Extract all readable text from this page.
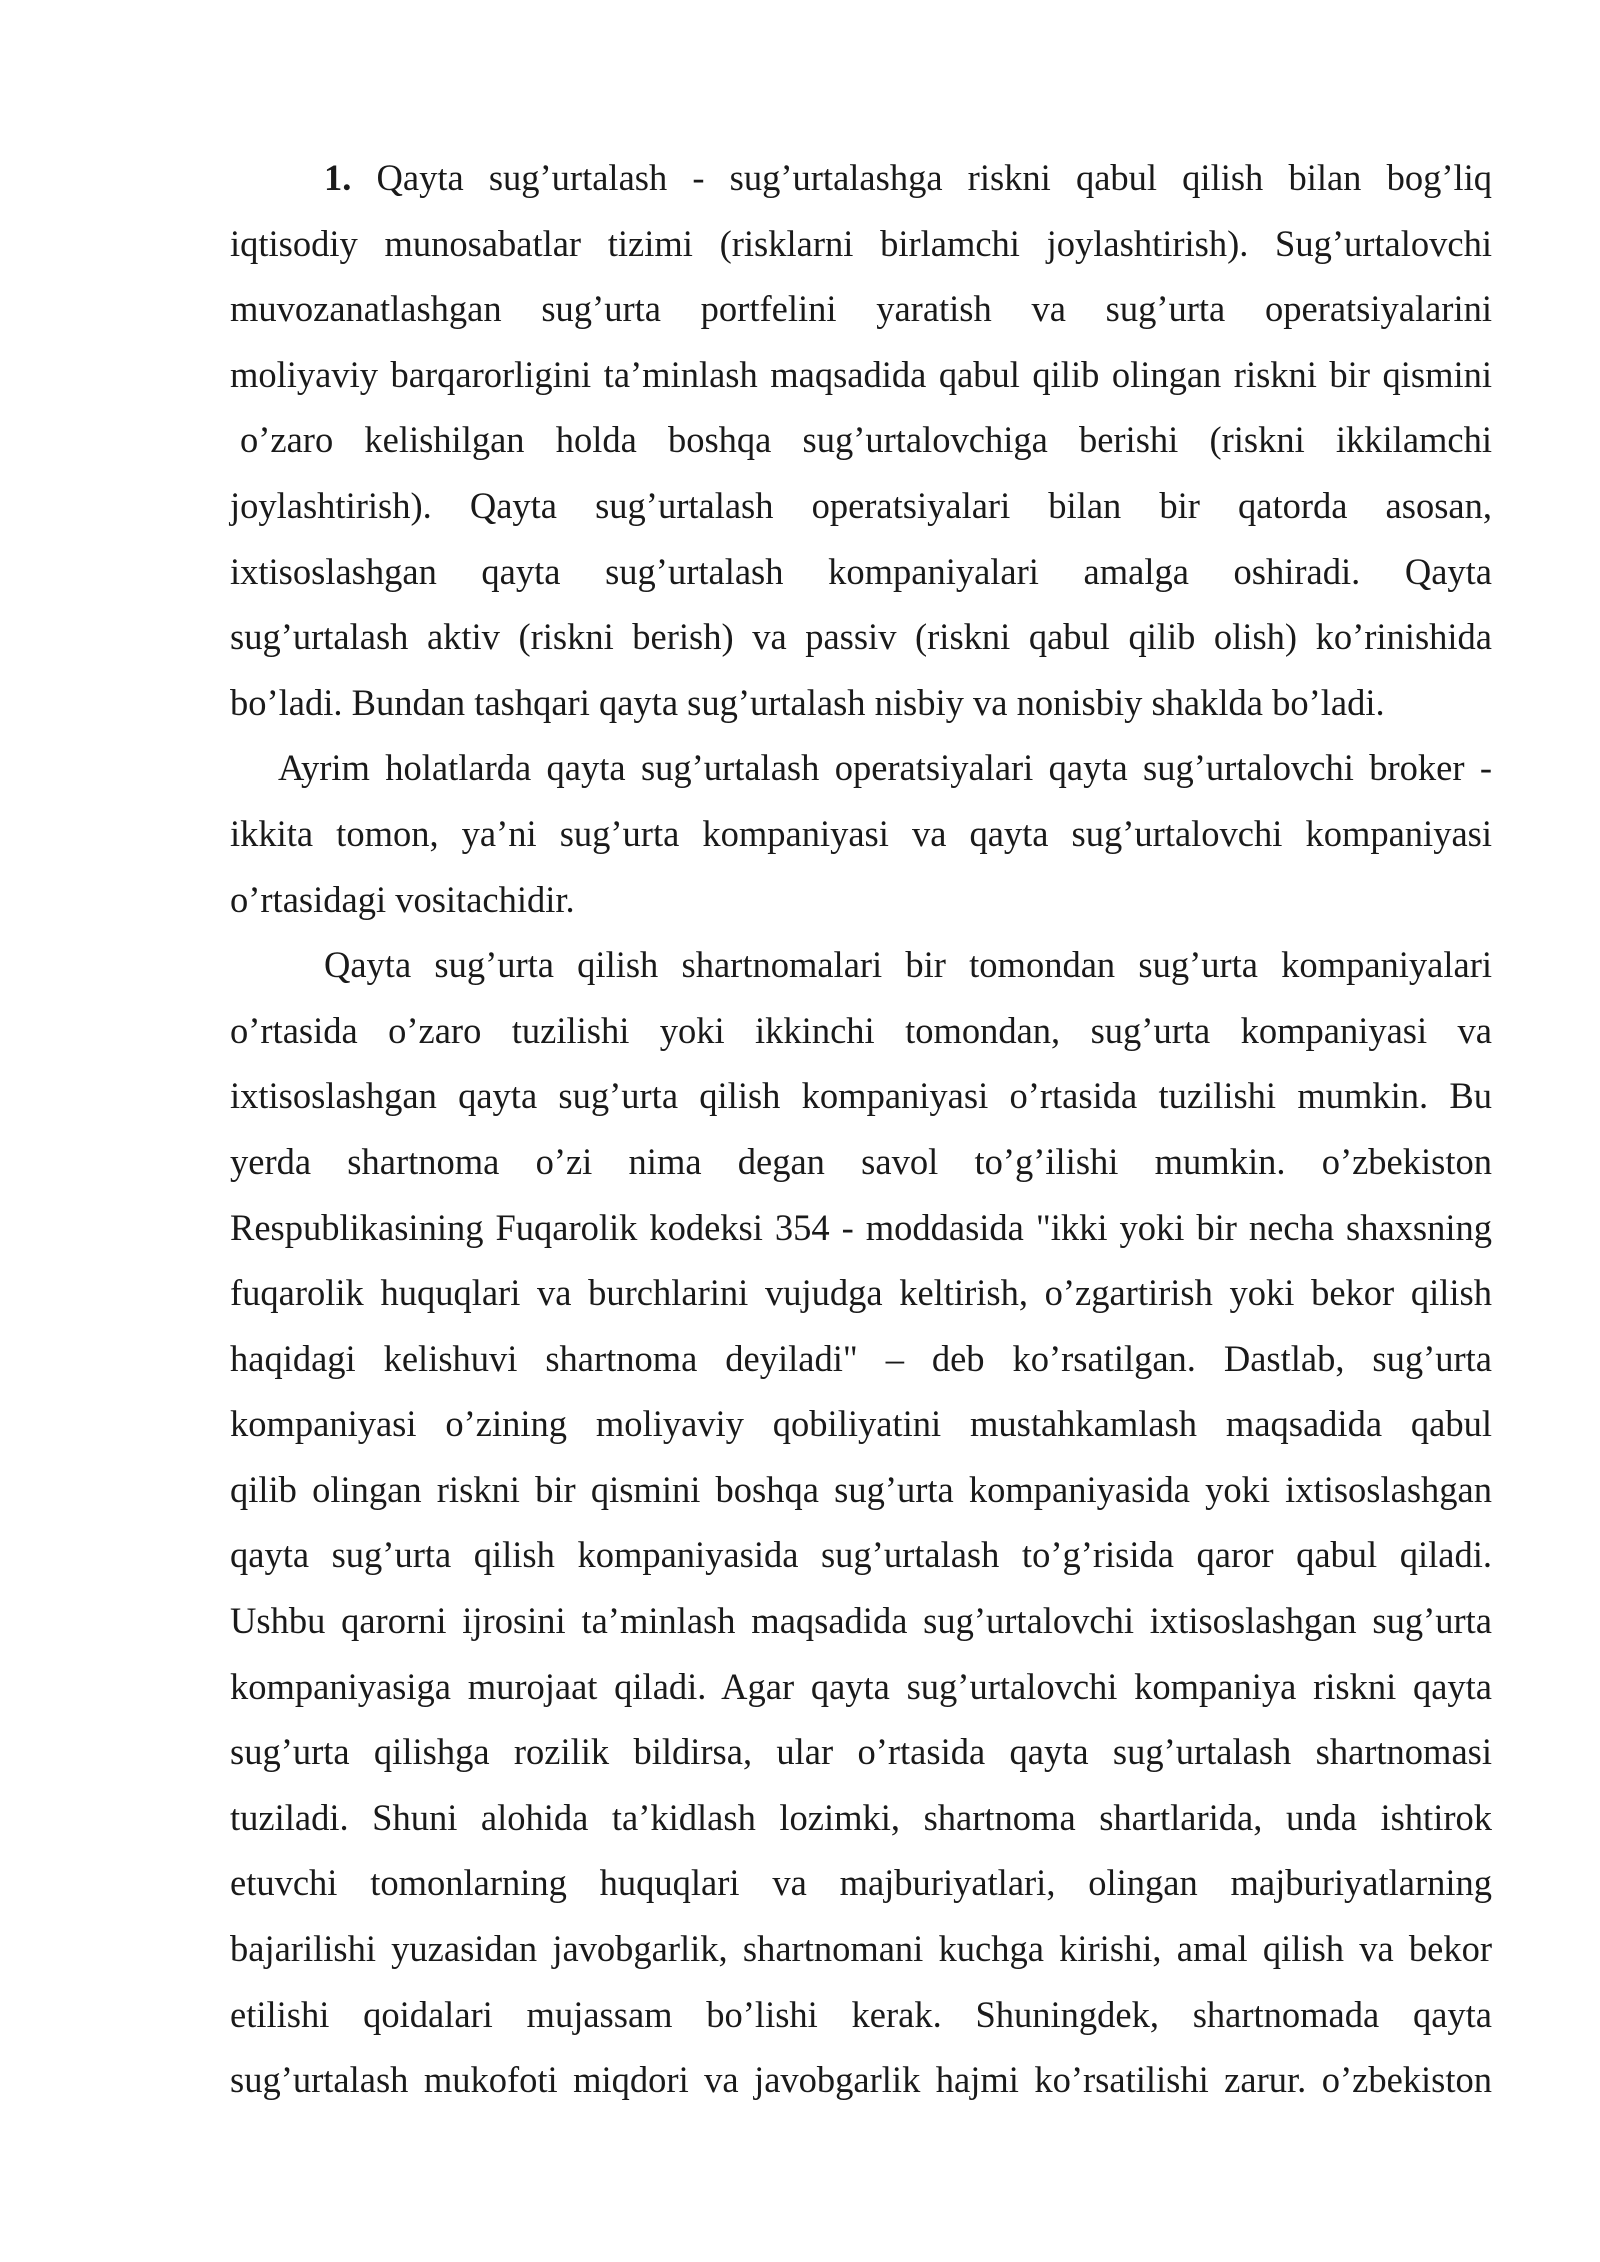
1. Qayta sug’urtalash - sug’urtalashga riskni qabul qilish bilan bog’liq
iqtisodiy munosabatlar tizimi (risklarni birlamchi joylashtirish). Sug’urtalovchi
muvozanatlashgan sug’urta portfelini yaratish va sug’urta operatsiyalarini
moliyaviy barqarorligini ta’minlash maqsadida qabul qilib olingan riskni bir qismini
o’zaro kelishilgan holda boshqa sug’urtalovchiga berishi (riskni ikkilamchi
joylashtirish). Qayta sug’urtalash operatsiyalari bilan bir qatorda asosan,
ixtisoslashgan qayta sug’urtalash kompaniyalari amalga oshiradi. Qayta
sug’urtalash aktiv (riskni berish) va passiv (riskni qabul qilib olish) ko’rinishida
bo’ladi. Bundan tashqari qayta sug’urtalash nisbiy va nonisbiy shaklda bo’ladi.
Ayrim holatlarda qayta sug’urtalash operatsiyalari qayta sug’urtalovchi broker -
ikkita tomon, ya’ni sug’urta kompaniyasi va qayta sug’urtalovchi kompaniyasi
o’rtasidagi vositachidir.
Qayta sug’urta qilish shartnomalari bir tomondan sug’urta kompaniyalari
o’rtasida o’zaro tuzilishi yoki ikkinchi tomondan, sug’urta kompaniyasi va
ixtisoslashgan qayta sug’urta qilish kompaniyasi o’rtasida tuzilishi mumkin. Bu
yerda shartnoma o’zi nima degan savol to’g’ilishi mumkin. o’zbekiston
Respublikasining Fuqarolik kodeksi 354 - moddasida "ikki yoki bir necha shaxsning
fuqarolik huquqlari va burchlarini vujudga keltirish, o’zgartirish yoki bekor qilish
haqidagi kelishuvi shartnoma deyiladi" – deb ko’rsatilgan. Dastlab, sug’urta
kompaniyasi o’zining moliyaviy qobiliyatini mustahkamlash maqsadida qabul
qilib olingan riskni bir qismini boshqa sug’urta kompaniyasida yoki ixtisoslashgan
qayta sug’urta qilish kompaniyasida sug’urtalash to’g’risida qaror qabul qiladi.
Ushbu qarorni ijrosini ta’minlash maqsadida sug’urtalovchi ixtisoslashgan sug’urta
kompaniyasiga murojaat qiladi. Agar qayta sug’urtalovchi kompaniya riskni qayta
sug’urta qilishga rozilik bildirsa, ular o’rtasida qayta sug’urtalash shartnomasi
tuziladi. Shuni alohida ta’kidlash lozimki, shartnoma shartlarida, unda ishtirok
etuvchi tomonlarning huquqlari va majburiyatlari, olingan majburiyatlarning
bajarilishi yuzasidan javobgarlik, shartnomani kuchga kirishi, amal qilish va bekor
etilishi qoidalari mujassam bo’lishi kerak. Shuningdek, shartnomada qayta
sug’urtalash mukofoti miqdori va javobgarlik hajmi ko’rsatilishi zarur. o’zbekiston
